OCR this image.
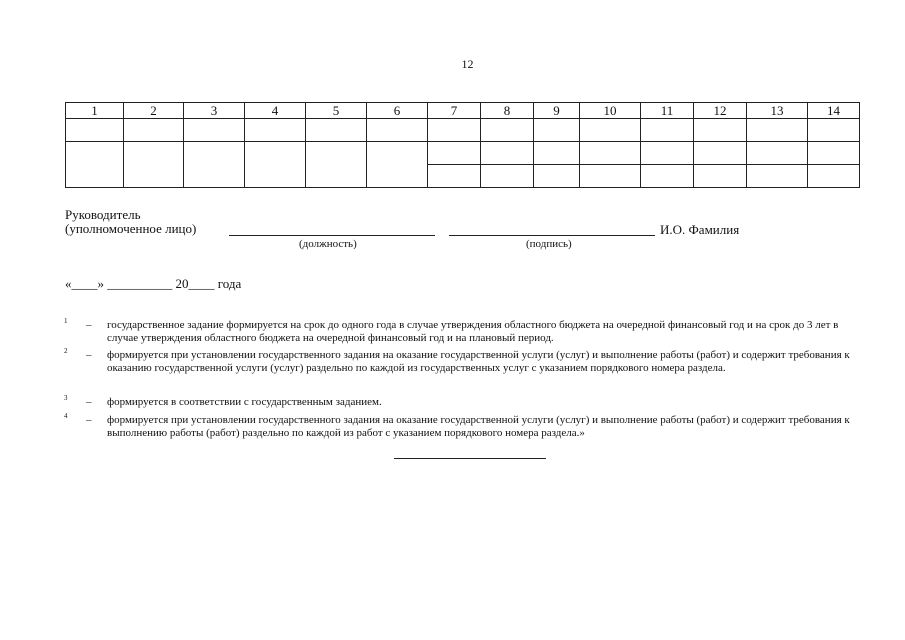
12
1	2	3	4	5	6	7	8	9	10	11	12	13	14

Руководитель
(уполномоченное лицо)
(должность)	(подпись)
И.О. Фамилия
«____» __________ 20____ года
1 – государственное задание формируется на срок до одного года в случае утверждения областного бюджета на очередной финансовый год и на срок до 3 лет в случае утверждения областного бюджета на очередной финансовый год и на плановый период.
2 – формируется при установлении государственного задания на оказание государственной услуги (услуг) и выполнение работы (работ) и содержит требования к оказанию государственной услуги (услуг) раздельно по каждой из государственных услуг с указанием порядкового номера раздела.
3 – формируется в соответствии с государственным заданием.
4 – формируется при установлении государственного задания на оказание государственной услуги (услуг) и выполнение работы (работ) и содержит требования к выполнению работы (работ) раздельно по каждой из работ с указанием порядкового номера раздела.»
